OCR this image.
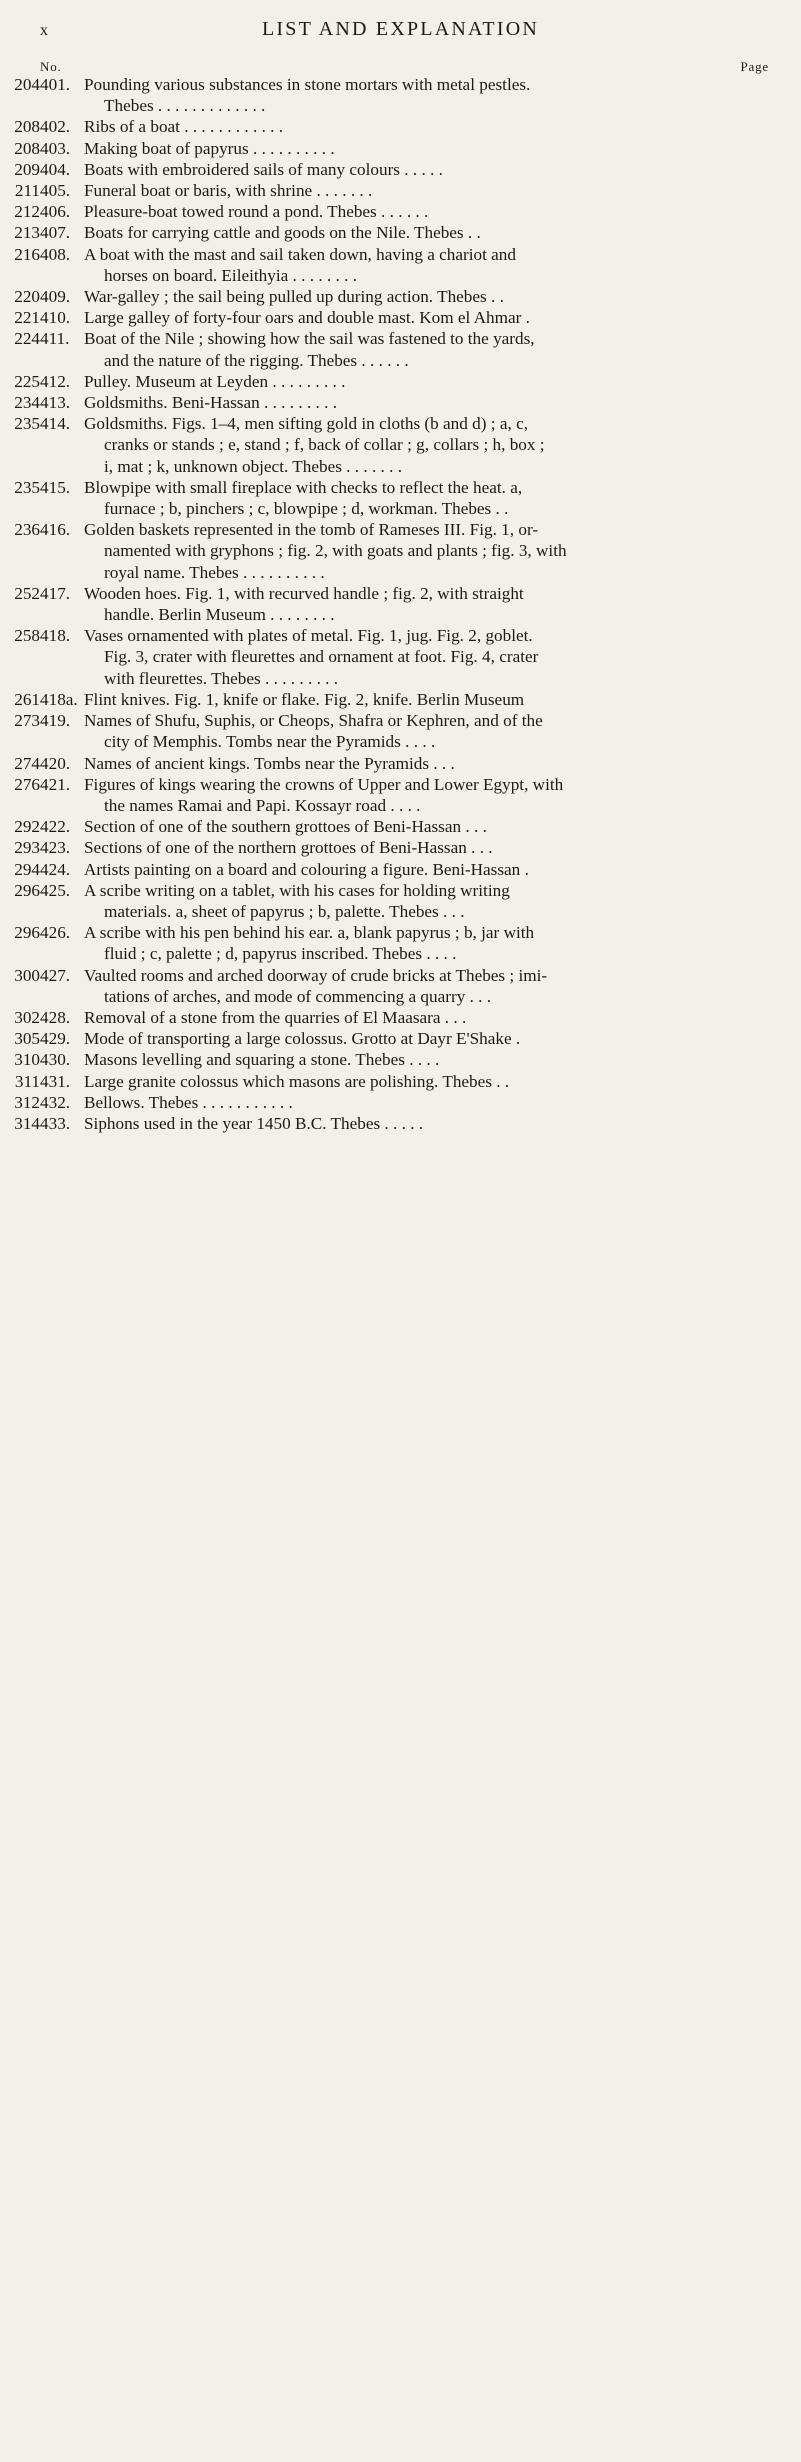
x	LIST AND EXPLANATION
No.	Page
401. Pounding various substances in stone mortars with metal pestles.
Thebes . . . . . . . . . . . . .
204
402. Ribs of a boat . . . . . . . . . . . .
208
403. Making boat of papyrus . . . . . . . . . .
208
404. Boats with embroidered sails of many colours . . . . .
209
405. Funeral boat or baris, with shrine . . . . . . .
211
406. Pleasure-boat towed round a pond. Thebes . . . . . .
212
407. Boats for carrying cattle and goods on the Nile. Thebes . .
213
408. A boat with the mast and sail taken down, having a chariot and
horses on board. Eileithyia . . . . . . . .
216
409. War-galley ; the sail being pulled up during action. Thebes . .
220
410. Large galley of forty-four oars and double mast. Kom el Ahmar .
221
411. Boat of the Nile ; showing how the sail was fastened to the yards,
and the nature of the rigging. Thebes . . . . . .
224
412. Pulley. Museum at Leyden . . . . . . . . .
225
413. Goldsmiths. Beni-Hassan . . . . . . . . .
234
414. Goldsmiths. Figs. 1–4, men sifting gold in cloths (b and d) ; a, c,
cranks or stands ; e, stand ; f, back of collar ; g, collars ; h, box ;
i, mat ; k, unknown object. Thebes . . . . . . .
235
415. Blowpipe with small fireplace with checks to reflect the heat. a,
furnace ; b, pinchers ; c, blowpipe ; d, workman. Thebes . .
235
416. Golden baskets represented in the tomb of Rameses III. Fig. 1, or-
namented with gryphons ; fig. 2, with goats and plants ; fig. 3, with
royal name. Thebes . . . . . . . . . .
236
417. Wooden hoes. Fig. 1, with recurved handle ; fig. 2, with straight
handle. Berlin Museum . . . . . . . .
252
418. Vases ornamented with plates of metal. Fig. 1, jug. Fig. 2, goblet.
Fig. 3, crater with fleurettes and ornament at foot. Fig. 4, crater
with fleurettes. Thebes . . . . . . . . .
258
418a. Flint knives. Fig. 1, knife or flake. Fig. 2, knife. Berlin Museum
261
419. Names of Shufu, Suphis, or Cheops, Shafra or Kephren, and of the
city of Memphis. Tombs near the Pyramids . . . .
273
420. Names of ancient kings. Tombs near the Pyramids . . .
274
421. Figures of kings wearing the crowns of Upper and Lower Egypt, with
the names Ramai and Papi. Kossayr road . . . .
276
422. Section of one of the southern grottoes of Beni-Hassan . . .
292
423. Sections of one of the northern grottoes of Beni-Hassan . . .
293
424. Artists painting on a board and colouring a figure. Beni-Hassan .
294
425. A scribe writing on a tablet, with his cases for holding writing
materials. a, sheet of papyrus ; b, palette. Thebes . . .
296
426. A scribe with his pen behind his ear. a, blank papyrus ; b, jar with
fluid ; c, palette ; d, papyrus inscribed. Thebes . . . .
296
427. Vaulted rooms and arched doorway of crude bricks at Thebes ; imi-
tations of arches, and mode of commencing a quarry . . .
300
428. Removal of a stone from the quarries of El Maasara . . .
302
429. Mode of transporting a large colossus. Grotto at Dayr E'Shake .
305
430. Masons levelling and squaring a stone. Thebes . . . .
310
431. Large granite colossus which masons are polishing. Thebes . .
311
432. Bellows. Thebes . . . . . . . . . . .
312
433. Siphons used in the year 1450 B.C. Thebes . . . . .
314
